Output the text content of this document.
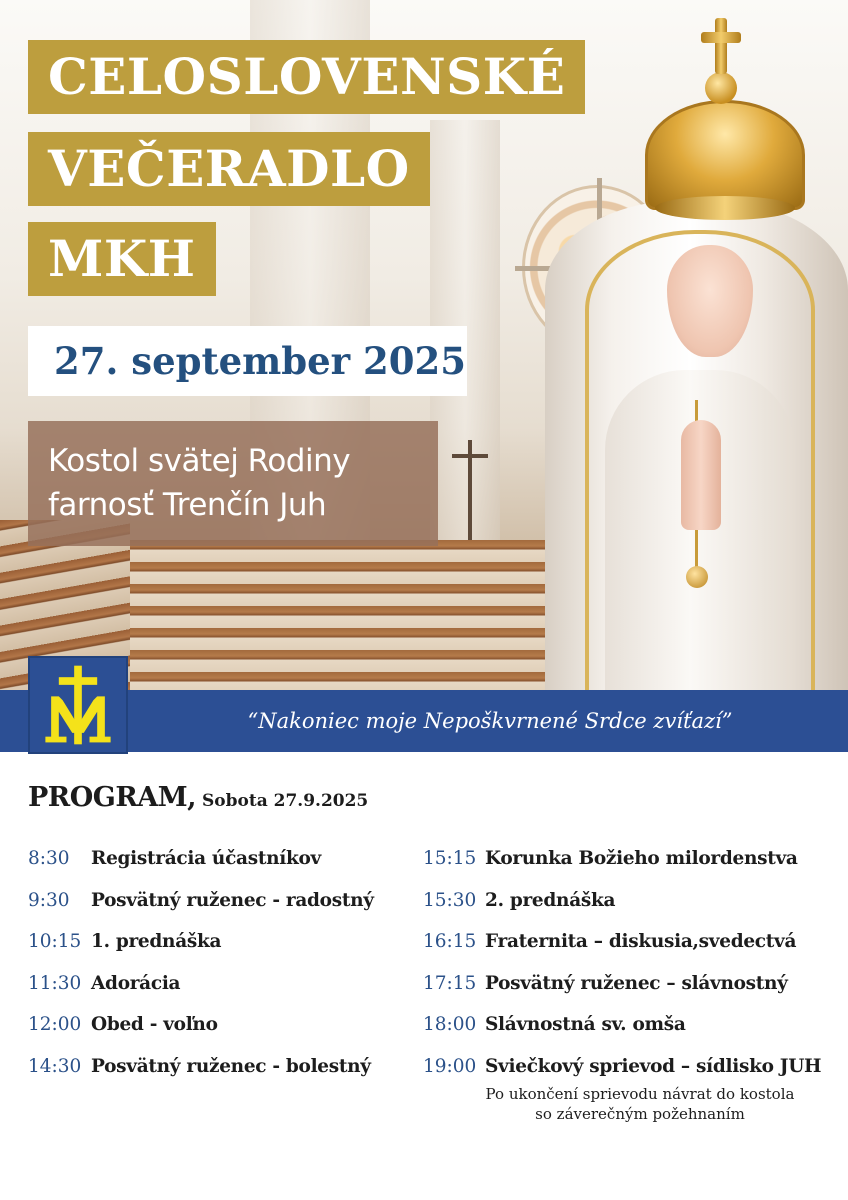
CELOSLOVENSKÉ
VEČERADLO
MKH
27. september 2025
Kostol svätej Rodiny
farnosť Trenčín Juh
“Nakoniec moje Nepoškvrnené Srdce zvíťazí”
PROGRAM, Sobota 27.9.2025
8:30	Registrácia účastníkov
9:30	Posvätný ruženec - radostný
10:15 1. prednáška
11:30 Adorácia
12:00 Obed - voľno
14:30 Posvätný ruženec - bolestný
15:15 Korunka Božieho milordenstva
15:30 2. prednáška
16:15 Fraternita – diskusia,svedectvá
17:15 Posvätný ruženec – slávnostný
18:00 Slávnostná sv. omša
19:00 Sviečkový sprievod – sídlisko JUH
Po ukončení sprievodu návrat do kostola
so záverečným požehnaním
